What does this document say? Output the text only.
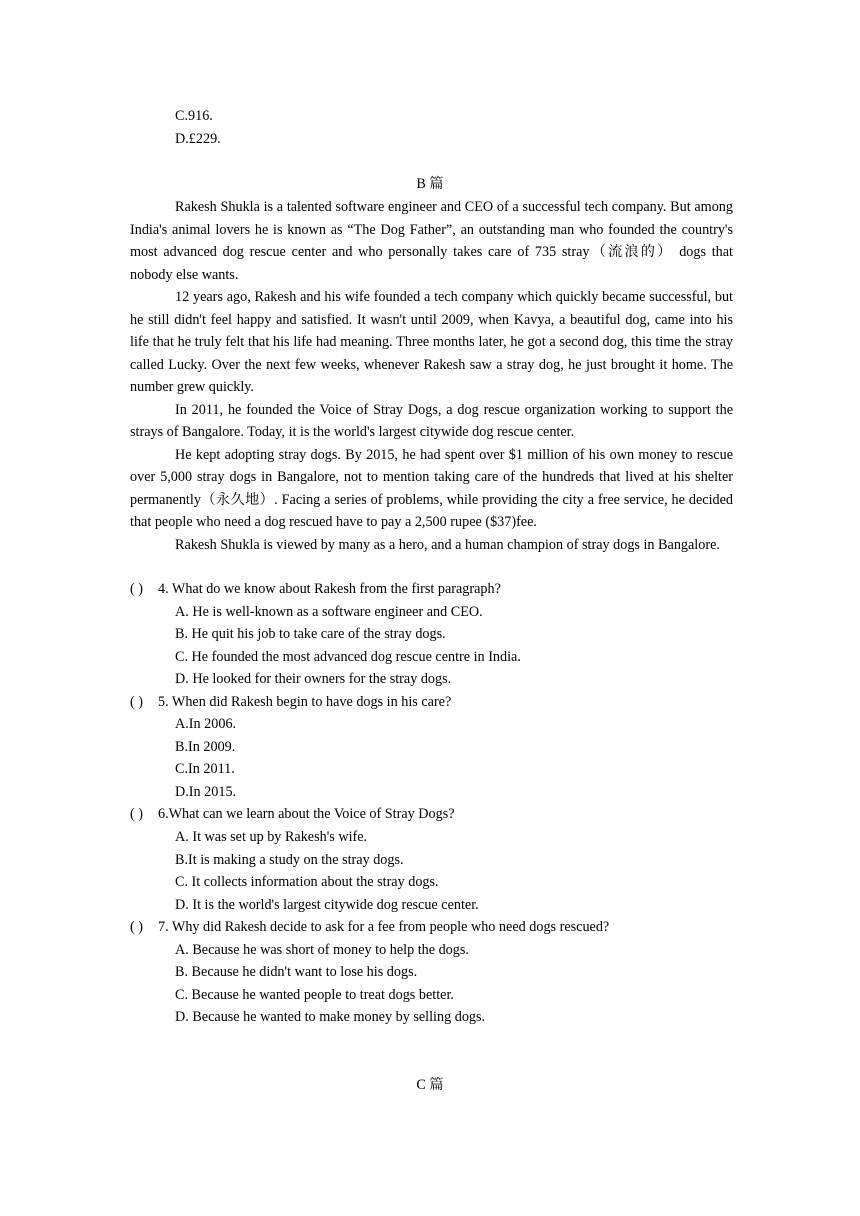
C.916.
D.£229.
B 篇

Rakesh Shukla is a talented software engineer and CEO of a successful tech company. But among India's animal lovers he is known as “The Dog Father”, an outstanding man who founded the country's most advanced dog rescue center and who personally takes care of 735 stray（流浪的） dogs that nobody else wants.

12 years ago, Rakesh and his wife founded a tech company which quickly became successful, but he still didn't feel happy and satisfied. It wasn't until 2009, when Kavya, a beautiful dog, came into his life that he truly felt that his life had meaning. Three months later, he got a second dog, this time the stray called Lucky. Over the next few weeks, whenever Rakesh saw a stray dog, he just brought it home. The number grew quickly.

In 2011, he founded the Voice of Stray Dogs, a dog rescue organization working to support the strays of Bangalore. Today, it is the world's largest citywide dog rescue center.

He kept adopting stray dogs. By 2015, he had spent over $1 million of his own money to rescue over 5,000 stray dogs in Bangalore, not to mention taking care of the hundreds that lived at his shelter permanently（永久地）. Facing a series of problems, while providing the city a free service, he decided that people who need a dog rescued have to pay a 2,500 rupee ($37)fee.

Rakesh Shukla is viewed by many as a hero, and a human champion of stray dogs in Bangalore.

( ) 4. What do we know about Rakesh from the first paragraph?
A. He is well-known as a software engineer and CEO.
B. He quit his job to take care of the stray dogs.
C. He founded the most advanced dog rescue centre in India.
D. He looked for their owners for the stray dogs.
( ) 5. When did Rakesh begin to have dogs in his care?
A.In 2006.
B.In 2009.
C.In 2011.
D.In 2015.
( ) 6.What can we learn about the Voice of Stray Dogs?
A. It was set up by Rakesh's wife.
B.It is making a study on the stray dogs.
C. It collects information about the stray dogs.
D. It is the world's largest citywide dog rescue center.
( ) 7. Why did Rakesh decide to ask for a fee from people who need dogs rescued?
A. Because he was short of money to help the dogs.
B. Because he didn't want to lose his dogs.
C. Because he wanted people to treat dogs better.
D. Because he wanted to make money by selling dogs.
C 篇
